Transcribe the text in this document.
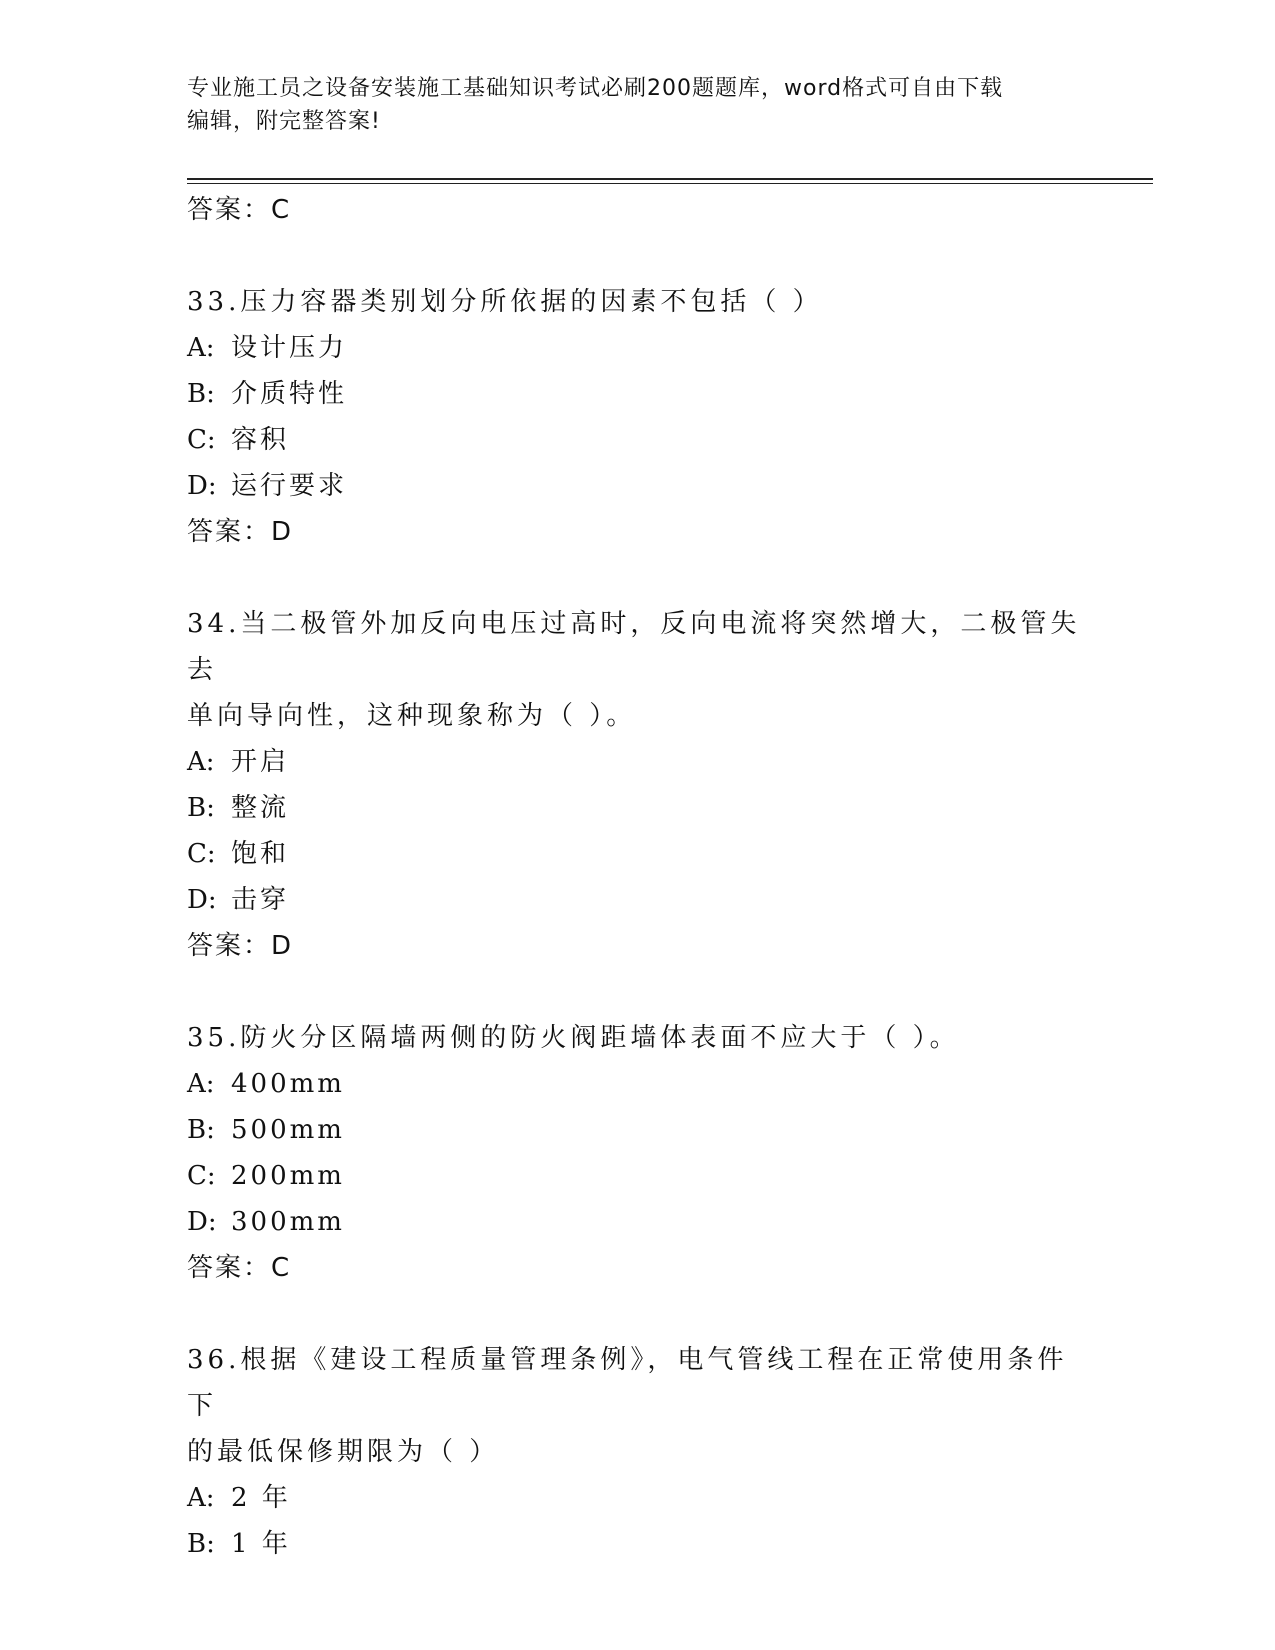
专业施工员之设备安装施工基础知识考试必刷200题题库，word格式可自由下载
编辑，附完整答案!
答案：C
33.压力容器类别划分所依据的因素不包括（ ）
A: 设计压力
B: 介质特性
C: 容积
D: 运行要求
答案：D
34.当二极管外加反向电压过高时，反向电流将突然增大，二极管失去
单向导向性，这种现象称为（ ）。
A: 开启
B: 整流
C: 饱和
D: 击穿
答案：D
35.防火分区隔墙两侧的防火阀距墙体表面不应大于（ ）。
A: 400mm
B: 500mm
C: 200mm
D: 300mm
答案：C
36.根据《建设工程质量管理条例》，电气管线工程在正常使用条件下
的最低保修期限为（ ）
A: 2 年
B: 1 年
